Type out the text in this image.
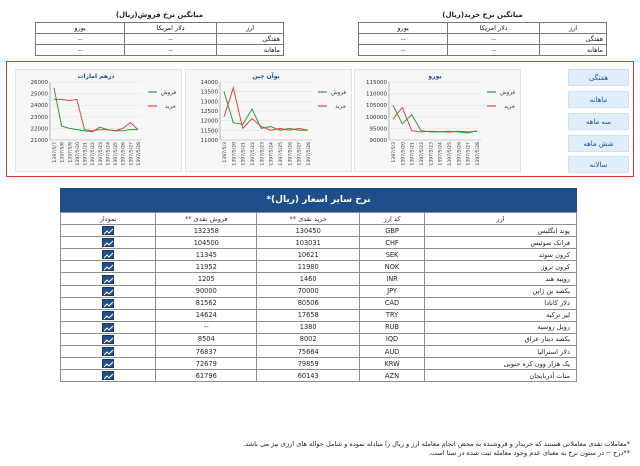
میانگین نرخ فروش(ریال)
ارز	دلار امریکا	یورو
هفتگی	--	--
ماهانه	--	--
میانگین نرخ خرید(ریال)
ارز	دلار امریکا	یورو
هفتگی	--	--
ماهانه	--	--
درهم امارات
26000
25000
24000
23000
22000
21000
1397/5/7 1397/5/8 1397/5/9 1397/5/20 1397/5/21 1397/5/22 1397/5/23 1397/5/24 1397/5/25 1397/5/26 1397/5/27 1397/5/28
فروش
خرید
یوآن چین
14000
13500
13000
12500
12000
11500
11000
1397/5/3 1397/5/20 1397/5/21 1397/5/22 1397/5/23 1397/5/24 1397/5/25 1397/5/26 1397/5/27 1397/5/28
فروش
خرید
یورو
115000
110000
105000
100000
95000
90000
1397/5/3 1397/5/20 1397/5/21 1397/5/22 1397/5/23 1397/5/24 1397/5/25 1397/5/26 1397/5/27 1397/5/28
فروش
خرید
هفتگی
ماهانه
سه ماهه
شش ماهه
سالانه
نرخ سایر اسعار (ریال)*
ارز	کد ارز	خرید نقدی **	فروش نقدی **	نمودار
پوند انگلیس	GBP	130450	132358	

فرانک سوئیس	CHF	103031	104500	

کرون سوئد	SEK	10621	11345	

کرون نروژ	NOK	11980	11952	

روپیه هند	INR	1460	1205	

یکصد ین ژاپن	JPY	70000	90000	

دلار کانادا	CAD	80506	81562	

لیر ترکیه	TRY	17658	14624	

روبل روسیه	RUB	1380	--	

یکصد دینار عراق	IQD	8002	8504	

دلار استرالیا	AUD	75664	76837	

یک هزار وون کره جنوبی	KRW	79859	72679	

منات آذربایجان	AZN	60143	61796	
*معاملات نقدی معاملاتی هستند که خریدار و فروشنده به محض انجام معامله ارز و ریال را مبادله نموده و شامل حواله های ارزی نیز می باشد.
**درج -- در ستون نرخ به معنای عدم وجود معامله ثبت شده در سنا است.
